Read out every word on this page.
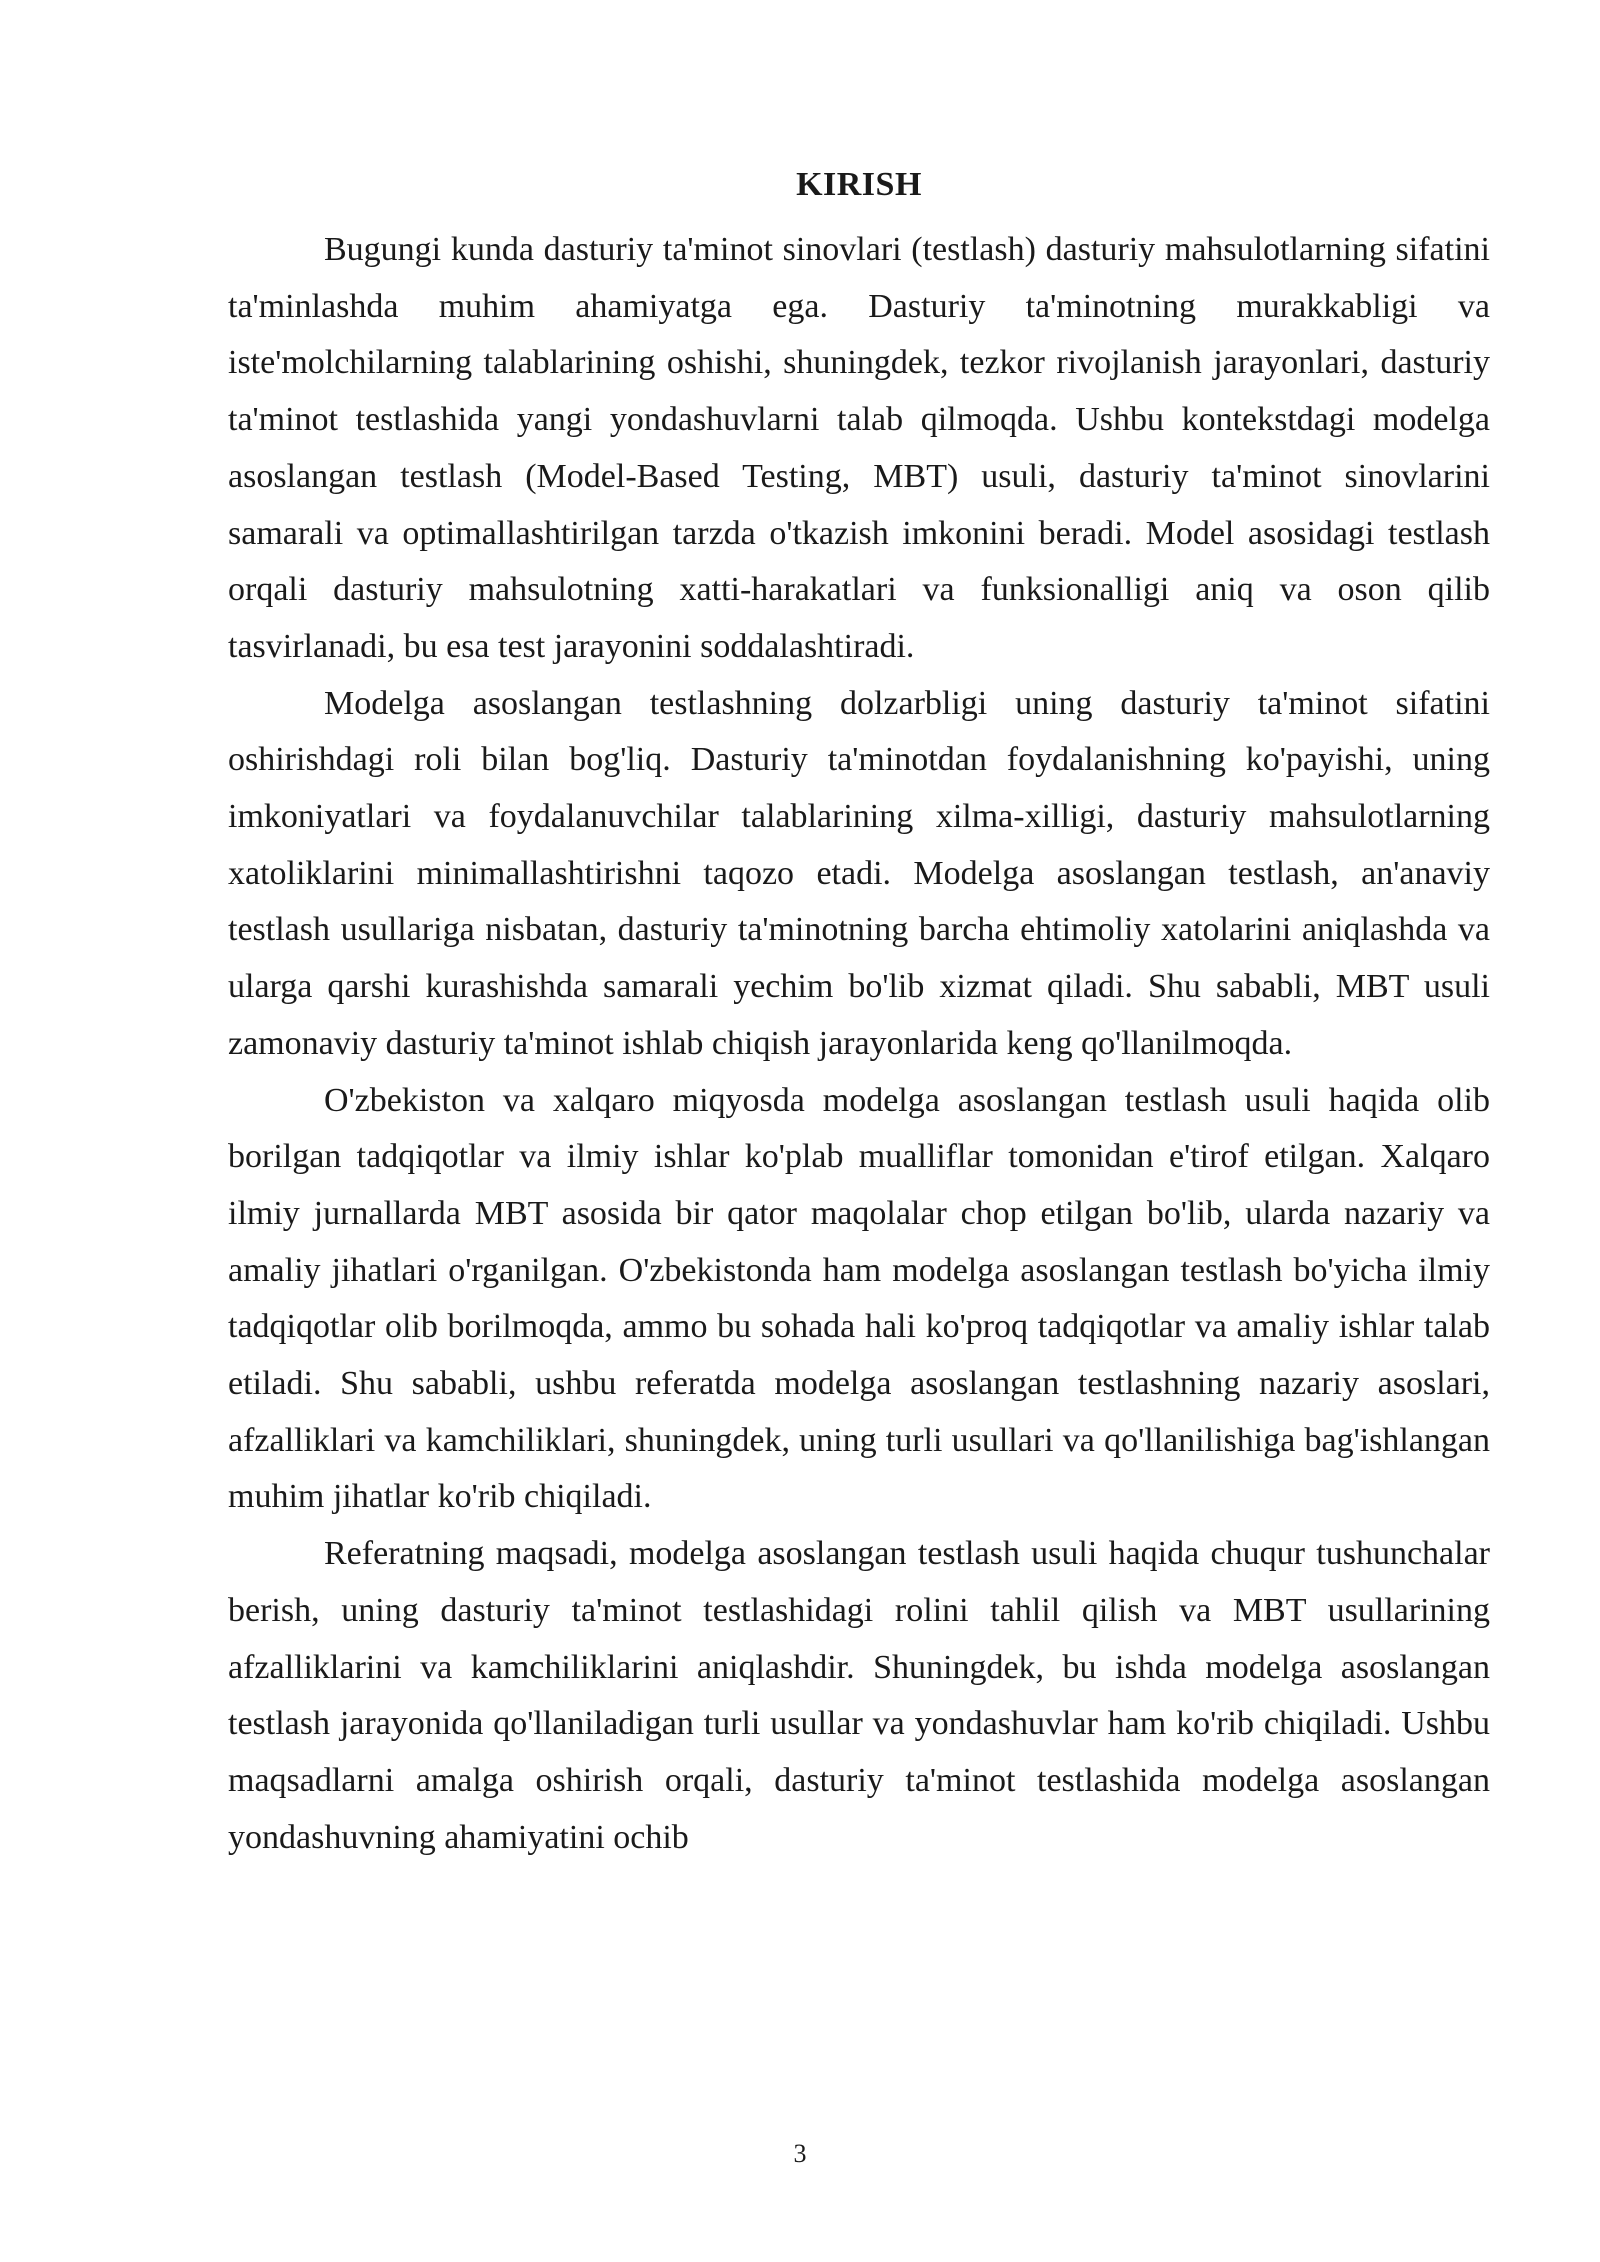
KIRISH

Bugungi kunda dasturiy ta'minot sinovlari (testlash) dasturiy mahsulotlarning sifatini ta'minlashda muhim ahamiyatga ega. Dasturiy ta'minotning murakkabligi va iste'molchilarning talablarining oshishi, shuningdek, tezkor rivojlanish jarayonlari, dasturiy ta'minot testlashida yangi yondashuvlarni talab qilmoqda. Ushbu kontekstdagi modelga asoslangan testlash (Model-Based Testing, MBT) usuli, dasturiy ta'minot sinovlarini samarali va optimallashtirilgan tarzda o'tkazish imkonini beradi. Model asosidagi testlash orqali dasturiy mahsulotning xatti-harakatlari va funksionalligi aniq va oson qilib tasvirlanadi, bu esa test jarayonini soddalashtiradi.

Modelga asoslangan testlashning dolzarbligi uning dasturiy ta'minot sifatini oshirishdagi roli bilan bog'liq. Dasturiy ta'minotdan foydalanishning ko'payishi, uning imkoniyatlari va foydalanuvchilar talablarining xilma-xilligi, dasturiy mahsulotlarning xatoliklarini minimallashtirishni taqozo etadi. Modelga asoslangan testlash, an'anaviy testlash usullariga nisbatan, dasturiy ta'minotning barcha ehtimoliy xatolarini aniqlashda va ularga qarshi kurashishda samarali yechim bo'lib xizmat qiladi. Shu sababli, MBT usuli zamonaviy dasturiy ta'minot ishlab chiqish jarayonlarida keng qo'llanilmoqda.

O'zbekiston va xalqaro miqyosda modelga asoslangan testlash usuli haqida olib borilgan tadqiqotlar va ilmiy ishlar ko'plab mualliflar tomonidan e'tirof etilgan. Xalqaro ilmiy jurnallarda MBT asosida bir qator maqolalar chop etilgan bo'lib, ularda nazariy va amaliy jihatlari o'rganilgan. O'zbekistonda ham modelga asoslangan testlash bo'yicha ilmiy tadqiqotlar olib borilmoqda, ammo bu sohada hali ko'proq tadqiqotlar va amaliy ishlar talab etiladi. Shu sababli, ushbu referatda modelga asoslangan testlashning nazariy asoslari, afzalliklari va kamchiliklari, shuningdek, uning turli usullari va qo'llanilishiga bag'ishlangan muhim jihatlar ko'rib chiqiladi.

Referatning maqsadi, modelga asoslangan testlash usuli haqida chuqur tushunchalar berish, uning dasturiy ta'minot testlashidagi rolini tahlil qilish va MBT usullarining afzalliklarini va kamchiliklarini aniqlashdir. Shuningdek, bu ishda modelga asoslangan testlash jarayonida qo'llaniladigan turli usullar va yondashuvlar ham ko'rib chiqiladi. Ushbu maqsadlarni amalga oshirish orqali, dasturiy ta'minot testlashida modelga asoslangan yondashuvning ahamiyatini ochib

3
